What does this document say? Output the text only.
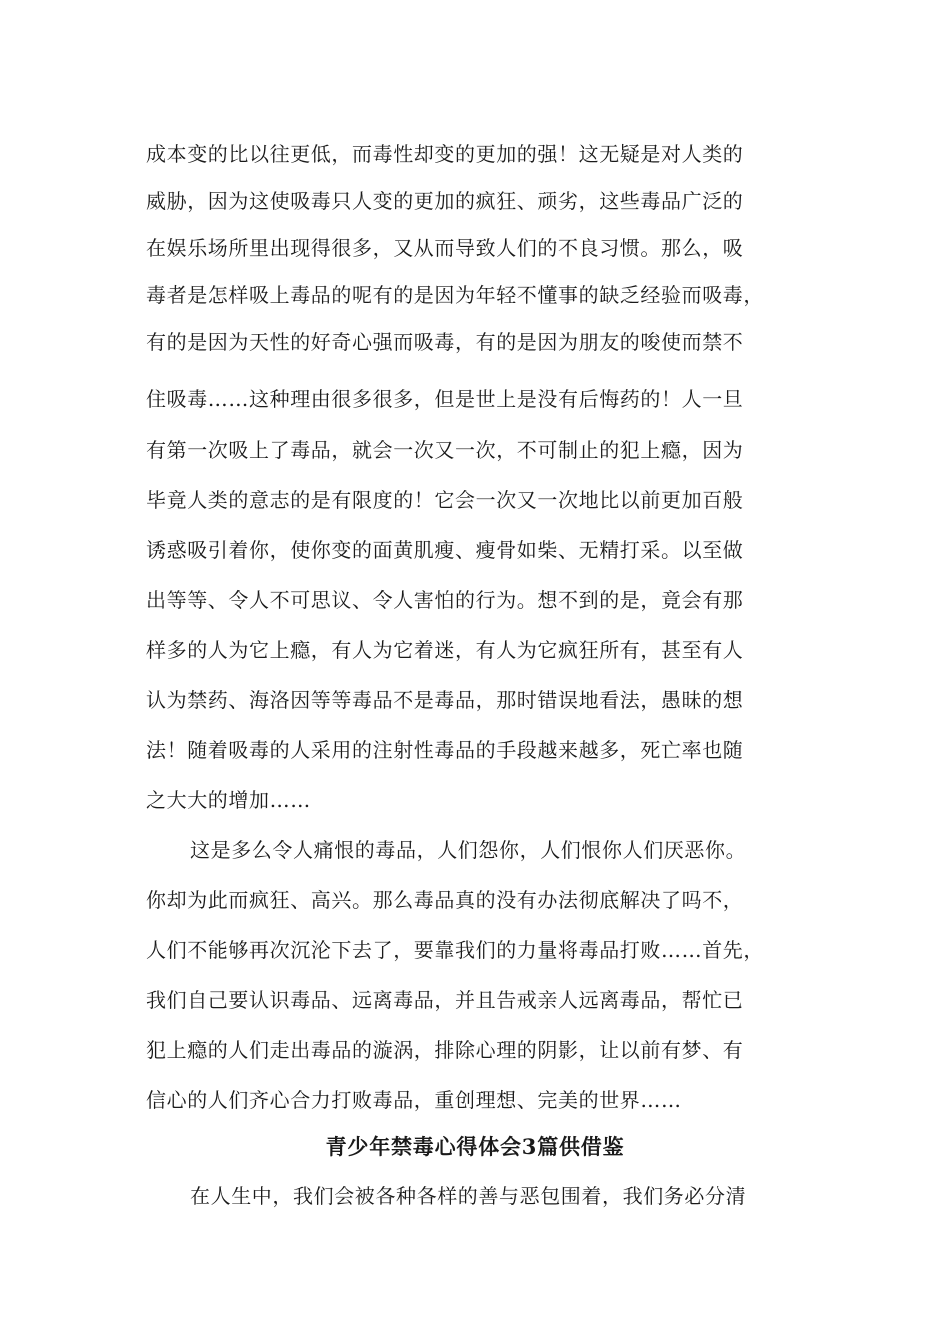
成本变的比以往更低，而毒性却变的更加的强！这无疑是对人类的
威胁，因为这使吸毒只人变的更加的疯狂、顽劣，这些毒品广泛的
在娱乐场所里出现得很多，又从而导致人们的不良习惯。那么，吸
毒者是怎样吸上毒品的呢有的是因为年轻不懂事的缺乏经验而吸毒，
有的是因为天性的好奇心强而吸毒，有的是因为朋友的唆使而禁不
住吸毒……这种理由很多很多，但是世上是没有后悔药的！人一旦
有第一次吸上了毒品，就会一次又一次，不可制止的犯上瘾，因为
毕竟人类的意志的是有限度的！它会一次又一次地比以前更加百般
诱惑吸引着你，使你变的面黄肌瘦、瘦骨如柴、无精打采。以至做
出等等、令人不可思议、令人害怕的行为。想不到的是，竟会有那
样多的人为它上瘾，有人为它着迷，有人为它疯狂所有，甚至有人
认为禁药、海洛因等等毒品不是毒品，那时错误地看法，愚昧的想
法！随着吸毒的人采用的注射性毒品的手段越来越多，死亡率也随
之大大的增加……
这是多么令人痛恨的毒品，人们怨你，人们恨你人们厌恶你。
你却为此而疯狂、高兴。那么毒品真的没有办法彻底解决了吗不，
人们不能够再次沉沦下去了，要靠我们的力量将毒品打败……首先，
我们自己要认识毒品、远离毒品，并且告戒亲人远离毒品，帮忙已
犯上瘾的人们走出毒品的漩涡，排除心理的阴影，让以前有梦、有
信心的人们齐心合力打败毒品，重创理想、完美的世界……
青少年禁毒心得体会3篇供借鉴
在人生中，我们会被各种各样的善与恶包围着，我们务必分清
